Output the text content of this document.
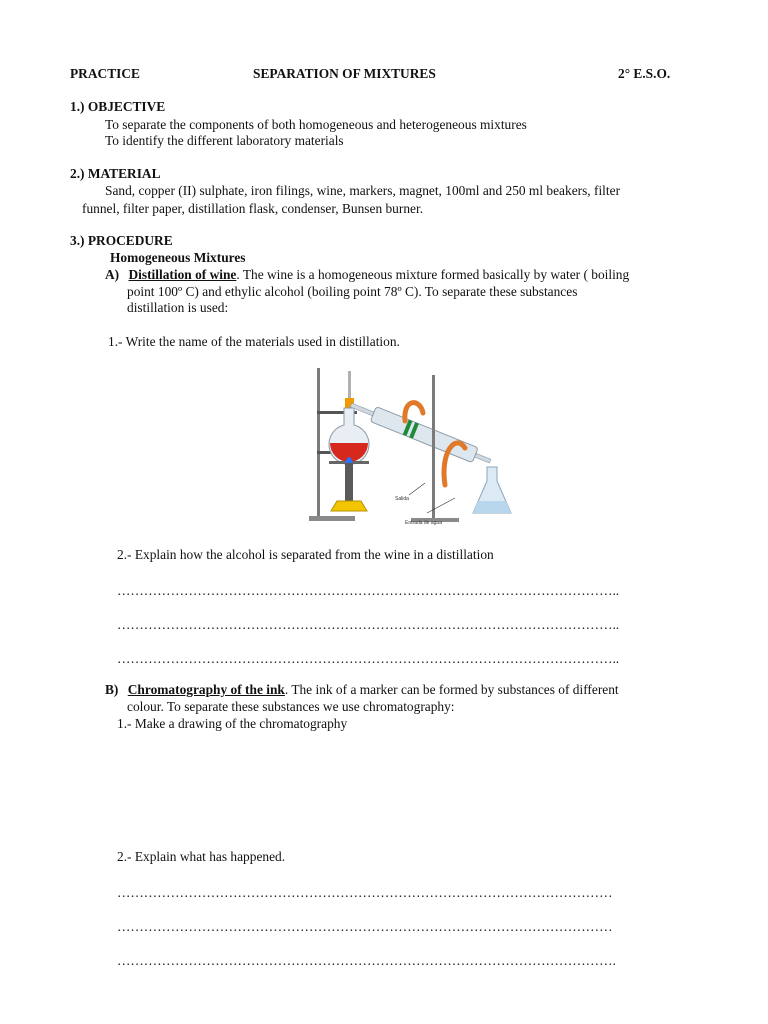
PRACTICE	SEPARATION OF MIXTURES	2° E.S.O.
1.) OBJECTIVE
To separate the components of both homogeneous and heterogeneous mixtures
To identify the different laboratory materials
2.) MATERIAL
Sand, copper (II) sulphate, iron filings, wine, markers, magnet, 100ml and 250 ml beakers, filter
funnel, filter paper, distillation flask, condenser, Bunsen burner.
3.) PROCEDURE
Homogeneous Mixtures
A) Distillation of wine. The wine is a homogeneous mixture formed basically by water ( boiling
point 100º C) and ethylic alcohol (boiling point 78º C). To separate these substances
distillation is used:
1.- Write the name of the materials used in distillation.
Salida
Entrada de agua
2.- Explain how the alcohol is separated from the wine in a distillation
…………………………………………………………………………………………………..
…………………………………………………………………………………………………..
…………………………………………………………………………………………………..
B) Chromatography of the ink. The ink of a marker can be formed by substances of different
colour. To separate these substances we use chromatography:
1.- Make a drawing of the chromatography
2.- Explain what has happened.
…………………………………………………………………………………………………
…………………………………………………………………………………………………
………………………………………………………………………………………………….
